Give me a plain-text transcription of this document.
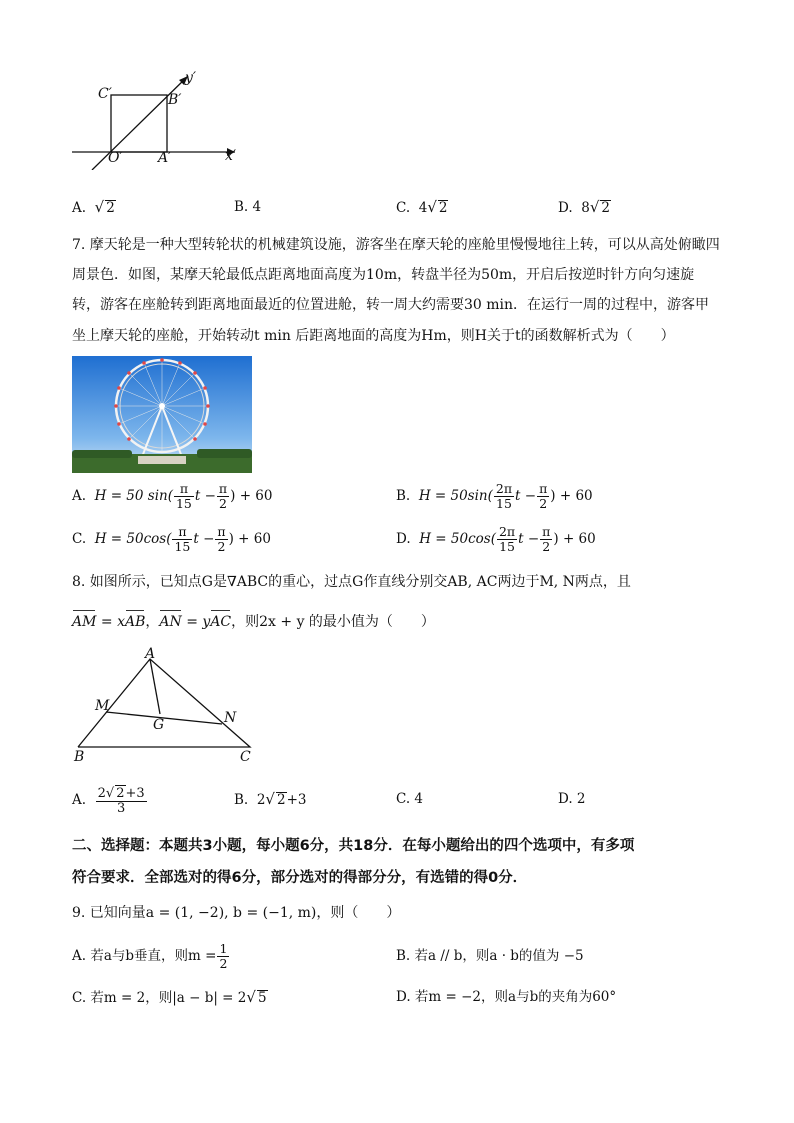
C′	B′
y′
O′	A′	x′
A. √ 2	B. 4	C. 4√ 2	D. 8√ 2
7. 摩天轮是一种大型转轮状的机械建筑设施，游客坐在摩天轮的座舱里慢慢地往上转，可以从高处俯瞰四
周景色．如图，某摩天轮最低点距离地面高度为10m，转盘半径为50m，开启后按逆时针方向匀速旋
转，游客在座舱转到距离地面最近的位置进舱，转一周大约需要30 min．在运行一周的过程中，游客甲
坐上摩天轮的座舱，开始转动t min 后距离地面的高度为Hm，则H关于t的函数解析式为（　　）
A. H = 50 $\sin( \frac{\pi}{15}$ $t - \frac{\pi}{2}$ ) + 60	B. $H = 50\sin( \frac{2\pi}{15}$ $t - \frac{\pi}{2}$ ) + 60
C. $H = 50\cos( \frac{\pi}{15}$ $t - \frac{\pi}{2}$ ) + 60	D. $H = 50\cos( \frac{2\pi}{15}$ $t - \frac{\pi}{2}$ ) + 60
8. 如图所示，已知点G是∇ABC的重心，过点G作直线分别交AB, AC两边于M, N两点，且
AM = xAB，AN = yAC，则2x + y 的最小值为（　　）
A
M
G	N
B	C
A. $\frac{2√ 2+3}{3}$	B. 2√ 2+3	C. 4	D. 2
二、选择题：本题共3小题，每小题6分，共18分．在每小题给出的四个选项中，有多项
符合要求．全部选对的得6分，部分选对的得部分分，有选错的得0分．
9. 已知向量a = (1, −2), b = (−1, m)，则（　　）
A. 若a与b垂直，则$m = \frac{1}{2}$	B. 若a // b，则a · b的值为 −5
C. 若m = 2，则|a − b| = 2√ 5	D. 若m = −2，则a与b的夹角为60°
